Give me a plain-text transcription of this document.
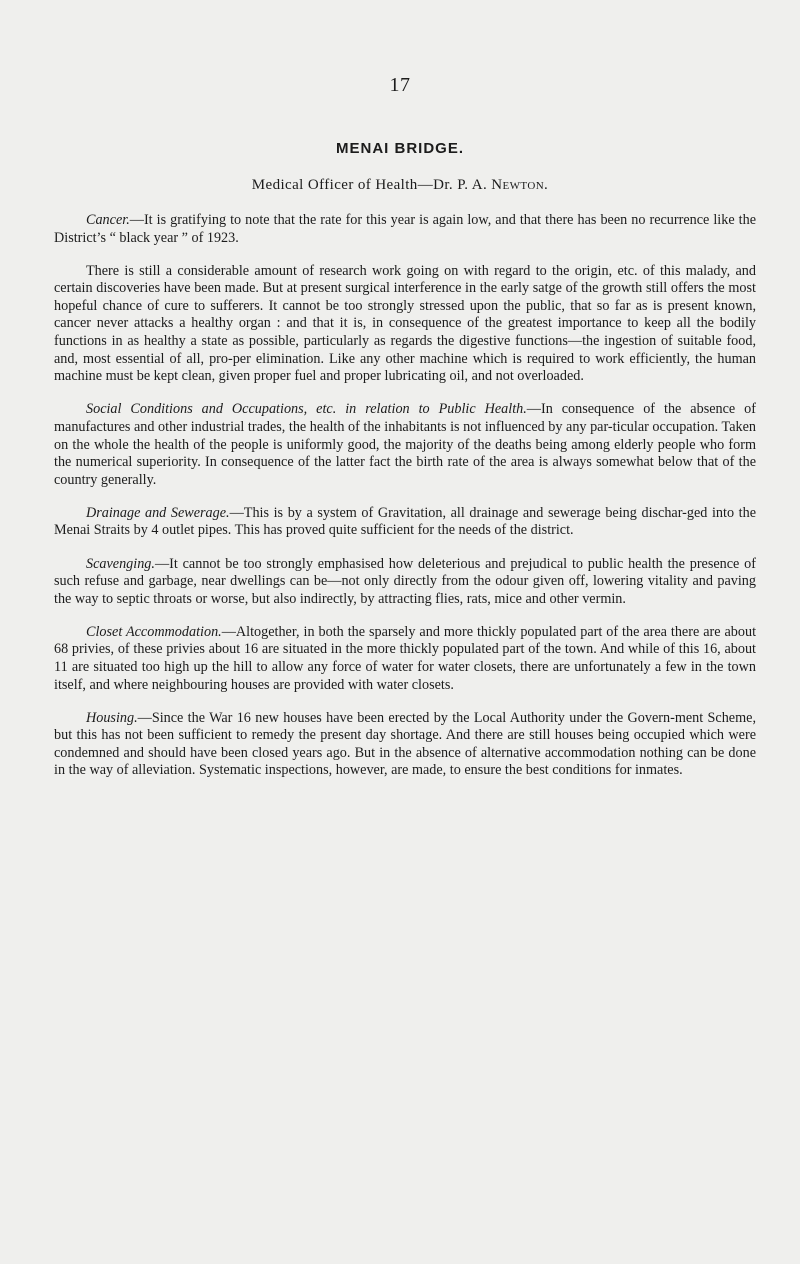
17
MENAI BRIDGE.
Medical Officer of Health—Dr. P. A. Newton.

Cancer.—It is gratifying to note that the rate for this year is again low, and that there has been no recurrence like the District’s “ black year ” of 1923.

There is still a considerable amount of research work going on with regard to the origin, etc. of this malady, and certain discoveries have been made. But at present surgical interference in the early satge of the growth still offers the most hopeful chance of cure to sufferers. It cannot be too strongly stressed upon the public, that so far as is present known, cancer never attacks a healthy organ : and that it is, in consequence of the greatest importance to keep all the bodily functions in as healthy a state as possible, particularly as regards the digestive functions—the ingestion of suitable food, and, most essential of all, pro-per elimination. Like any other machine which is required to work efficiently, the human machine must be kept clean, given proper fuel and proper lubricating oil, and not overloaded.

Social Conditions and Occupations, etc. in relation to Public Health.—In consequence of the absence of manufactures and other industrial trades, the health of the inhabitants is not influenced by any par-ticular occupation. Taken on the whole the health of the people is uniformly good, the majority of the deaths being among elderly people who form the numerical superiority. In consequence of the latter fact the birth rate of the area is always somewhat below that of the country generally.

Drainage and Sewerage.—This is by a system of Gravitation, all drainage and sewerage being dischar-ged into the Menai Straits by 4 outlet pipes. This has proved quite sufficient for the needs of the district.

Scavenging.—It cannot be too strongly emphasised how deleterious and prejudical to public health the presence of such refuse and garbage, near dwellings can be—not only directly from the odour given off, lowering vitality and paving the way to septic throats or worse, but also indirectly, by attracting flies, rats, mice and other vermin.

Closet Accommodation.—Altogether, in both the sparsely and more thickly populated part of the area there are about 68 privies, of these privies about 16 are situated in the more thickly populated part of the town. And while of this 16, about 11 are situated too high up the hill to allow any force of water for water closets, there are unfortunately a few in the town itself, and where neighbouring houses are provided with water closets.

Housing.—Since the War 16 new houses have been erected by the Local Authority under the Govern-ment Scheme, but this has not been sufficient to remedy the present day shortage. And there are still houses being occupied which were condemned and should have been closed years ago. But in the absence of alternative accommodation nothing can be done in the way of alleviation. Systematic inspections, however, are made, to ensure the best conditions for inmates.
